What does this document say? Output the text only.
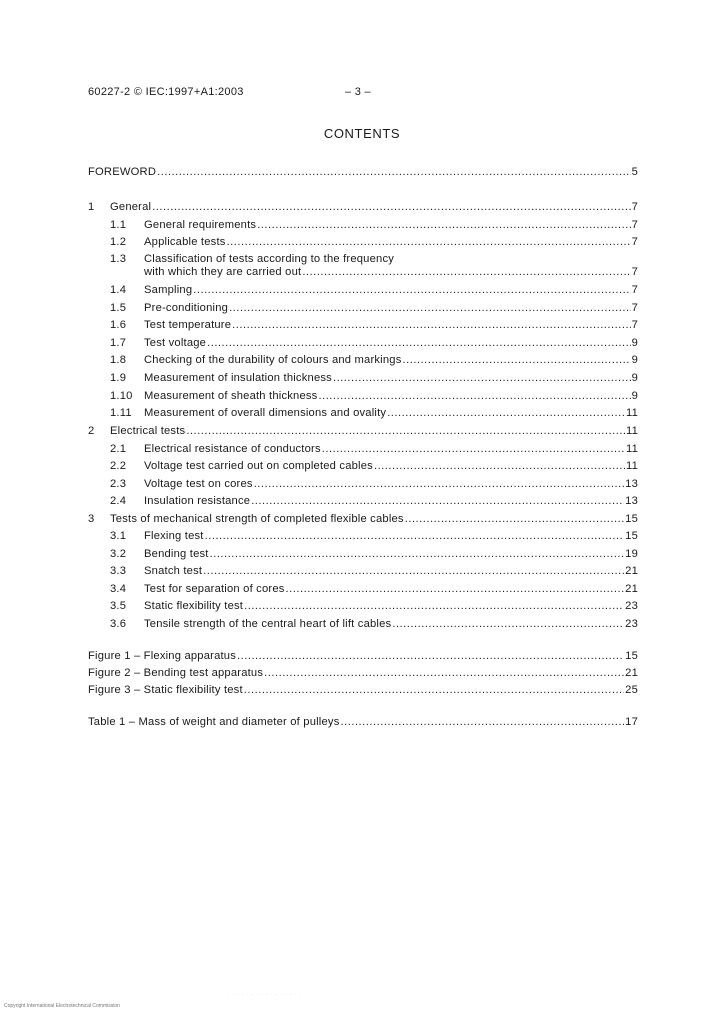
60227-2 © IEC:1997+A1:2003	– 3 –
CONTENTS
FOREWORD .....	5
1	General .....	7
1.1	General requirements .....	7
1.2	Applicable tests .....	7
1.3	Classification of tests according to the frequency
with which they are carried out .....	7
1.4	Sampling .....	7
1.5	Pre-conditioning .....	7
1.6	Test temperature .....	7
1.7	Test voltage .....	9
1.8	Checking of the durability of colours and markings .....	9
1.9	Measurement of insulation thickness .....	9
1.10	Measurement of sheath thickness .....	9
1.11	Measurement of overall dimensions and ovality .....	11
2	Electrical tests .....	11
2.1	Electrical resistance of conductors .....	11
2.2	Voltage test carried out on completed cables .....	11
2.3	Voltage test on cores .....	13
2.4	Insulation resistance .....	13
3	Tests of mechanical strength of completed flexible cables .....	15
3.1	Flexing test .....	15
3.2	Bending test .....	19
3.3	Snatch test .....	21
3.4	Test for separation of cores .....	21
3.5	Static flexibility test .....	23
3.6	Tensile strength of the central heart of lift cables .....	23
Figure 1 – Flexing apparatus .....	15
Figure 2 – Bending test apparatus .....	21
Figure 3 – Static flexibility test .....	25
Table 1 – Mass of weight and diameter of pulleys .....	17
. . . . . . . . . . . . . . . .
Copyright International Electrotechnical Commission
